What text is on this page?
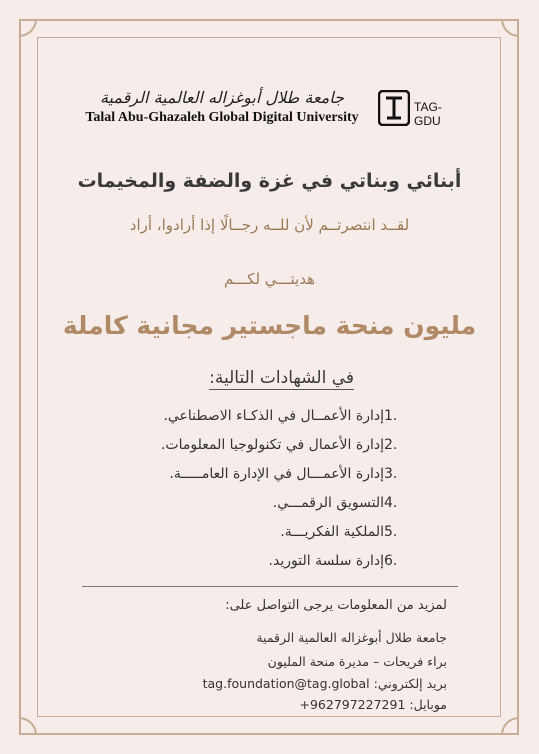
جامعة طلال أبوغزاله العالمية الرقمية
Talal Abu-Ghazaleh Global Digital University
TAG-GDU
أبنائي وبناتي في غزة والضفة والمخيمات
لقــد انتصرتــم لأن للــه رجــالًا إذا أرادوا، أراد
هديتـــي لكـــم
مليون منحة ماجستير مجانية كاملة
في الشهادات التالية:
1.
إدارة الأعمــال في الذكـاء الاصطناعي.
2.
إدارة الأعمال في تكنولوجيا المعلومات.
3.
إدارة الأعمـــال في الإدارة العامـــــة.
4.
التسويق الرقمـــي.
5.
الملكية الفكريـــة.
6.
إدارة سلسة التوريد.
لمزيد من المعلومات يرجى التواصل على:
جامعة طلال أبوغزاله العالمية الرقمية
براء فريحات – مديرة منحة المليون
بريد إلكتروني: tag.foundation@tag.global
موبايل: +962797227291
